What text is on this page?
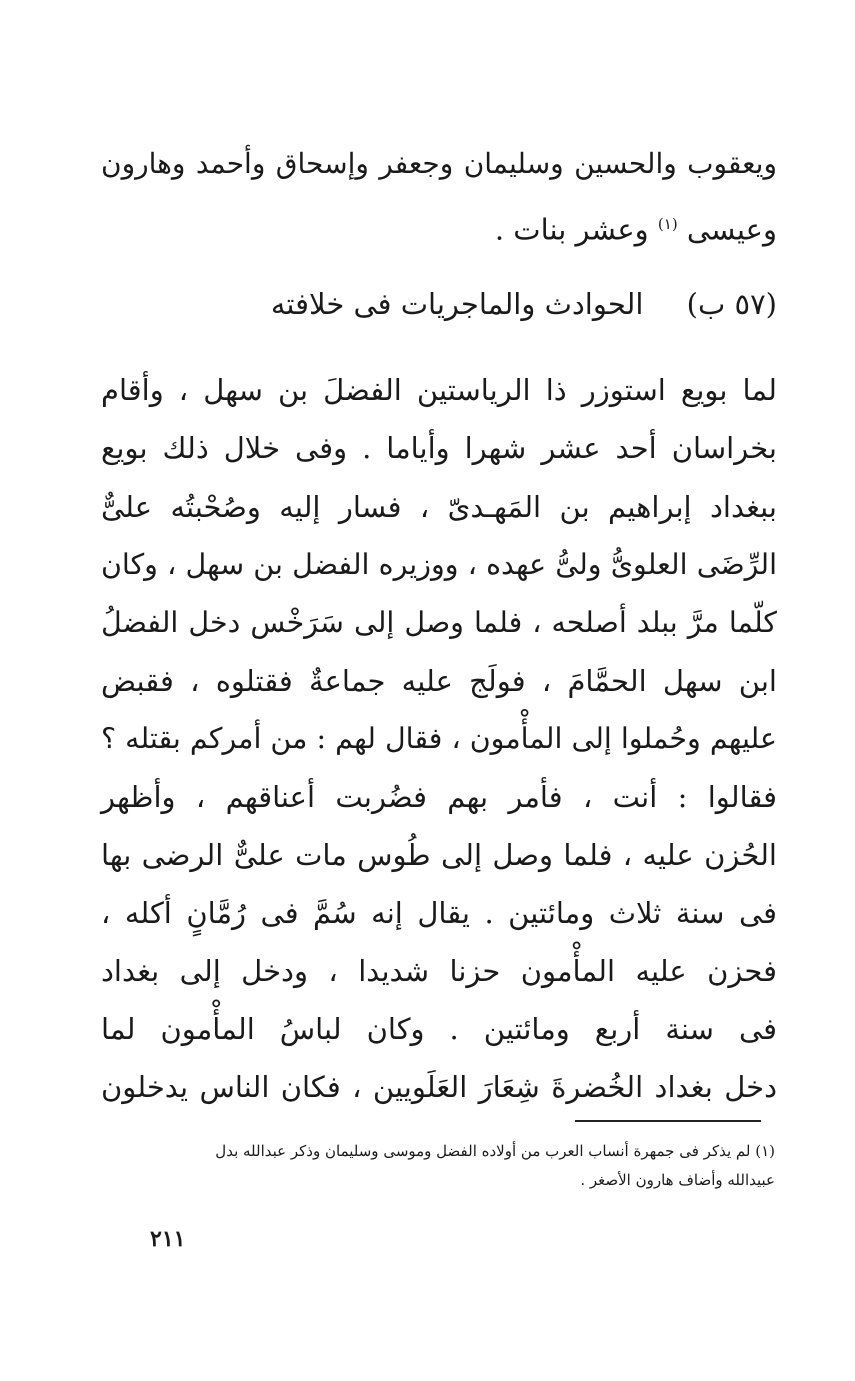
ويعقوب والحسين وسليمان وجعفر وإسحاق وأحمد وهارون
وعيسى $^{(١)}$ وعشر بنات .
(٥٧ ب) الحوادث والماجريات فى خلافته
لما بويع استوزر ذا الرياستين الفضلَ بن سهل ، وأقام
بخراسان أحد عشر شهرا وأياما . وفى خلال ذلك بويع
ببغداد إبراهيم بن المَهـدىّ ، فسار إليه وصُحْبتُه علىٌّ
الرِّضَى العلوىُّ ولىُّ عهده ، ووزيره الفضل بن سهل ، وكان
كلّما مرَّ ببلد أصلحه ، فلما وصل إلى سَرَخْس دخل الفضلُ
ابن سهل الحمَّامَ ، فولَج عليه جماعةٌ فقتلوه ، فقبض
عليهم وحُملوا إلى المأْمون ، فقال لهم : من أمركم بقتله ؟
فقالوا : أنت ، فأمر بهم فضُربت أعناقهم ، وأظهر
الحُزن عليه ، فلما وصل إلى طُوس مات علىٌّ الرضى بها
فى سنة ثلاث ومائتين . يقال إنه سُمَّ فى رُمَّانٍ أكله ،
فحزن عليه المأْمون حزنا شديدا ، ودخل إلى بغداد
فى سنة أربع ومائتين . وكان لباسُ المأْمون لما
دخل بغداد الخُضرةَ شِعَارَ العَلَويين ، فكان الناس يدخلون
(١) لم يذكر فى جمهرة أنساب العرب من أولاده الفضل وموسى وسليمان وذكر عبدالله بدل
عبيدالله وأضاف هارون الأصغر .
٢١١
